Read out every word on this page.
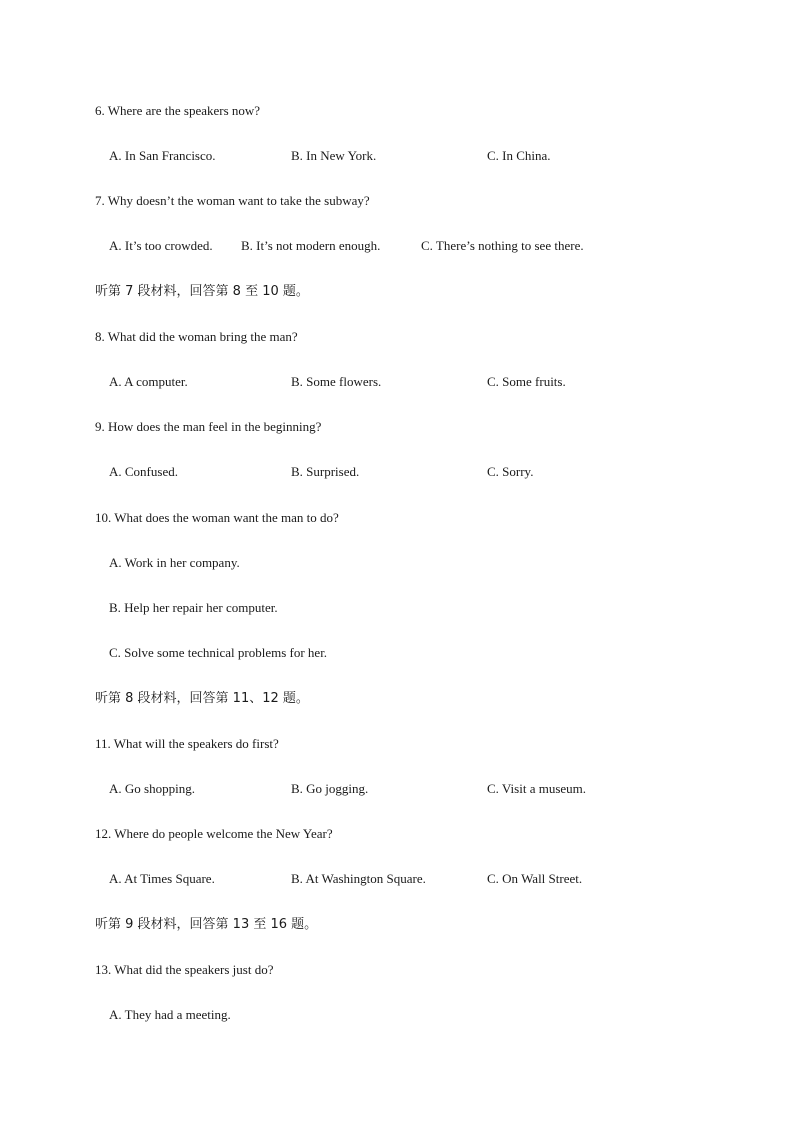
6. Where are the speakers now?
A. In San Francisco.	B. In New York.	C. In China.
7. Why doesn’t the woman want to take the subway?
A. It’s too crowded. B. It’s not modern enough.	C. There’s nothing to see there.
听第 7 段材料，回答第 8 至 10 题。
8. What did the woman bring the man?
A. A computer.	B. Some flowers.	C. Some fruits.
9. How does the man feel in the beginning?
A. Confused.	B. Surprised.	C. Sorry.
10. What does the woman want the man to do?
A. Work in her company.
B. Help her repair her computer.
C. Solve some technical problems for her.
听第 8 段材料，回答第 11、12 题。
11. What will the speakers do first?
A. Go shopping.	B. Go jogging.	C. Visit a museum.
12. Where do people welcome the New Year?
A. At Times Square.	B. At Washington Square.	C. On Wall Street.
听第 9 段材料，回答第 13 至 16 题。
13. What did the speakers just do?
A. They had a meeting.
